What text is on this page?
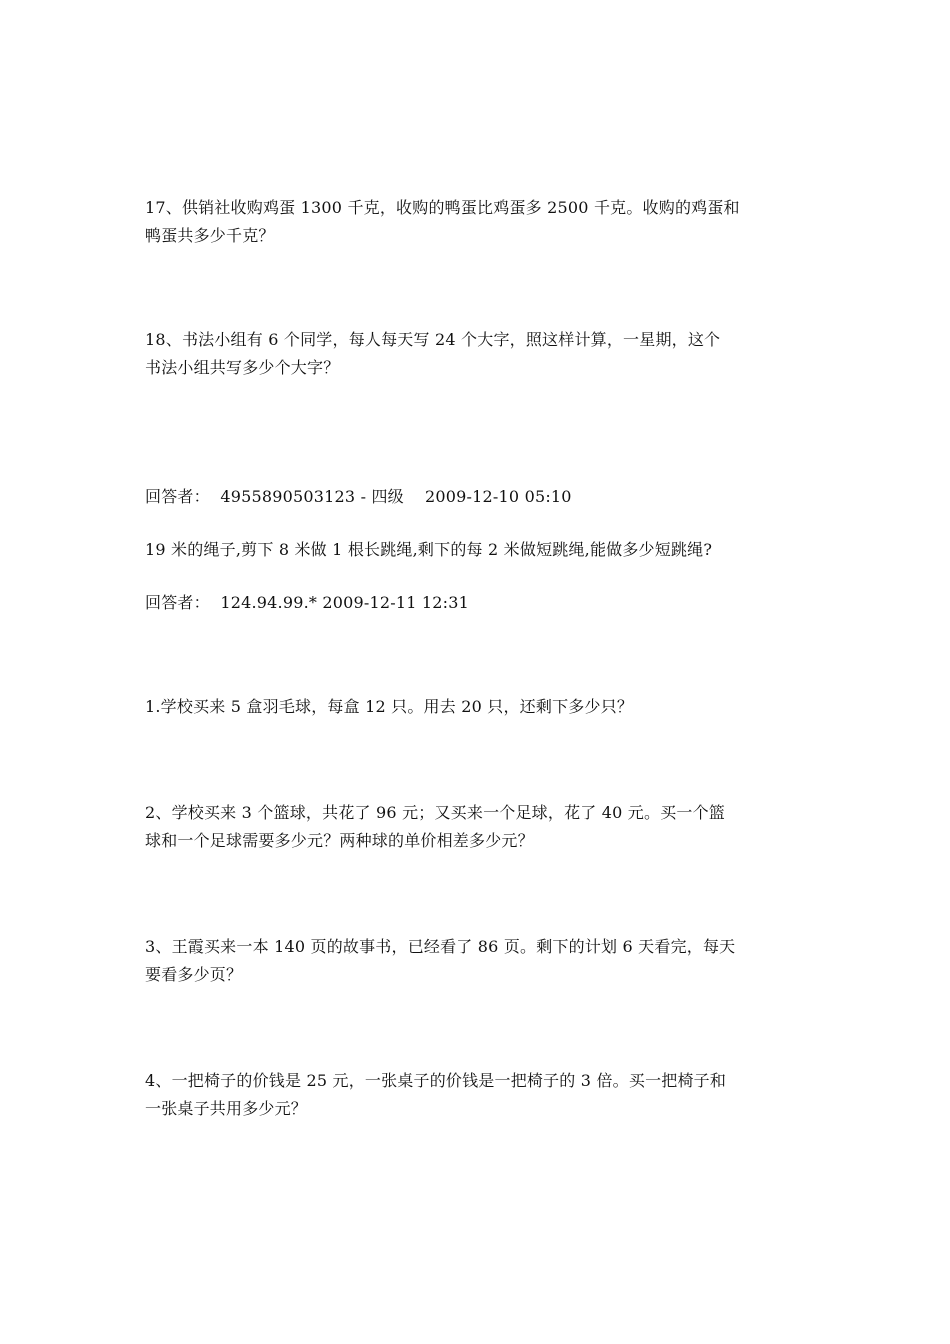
17、供销社收购鸡蛋 1300 千克，收购的鸭蛋比鸡蛋多 2500 千克。收购的鸡蛋和
鸭蛋共多少千克？
18、书法小组有 6 个同学，每人每天写 24 个大字，照这样计算，一星期，这个
书法小组共写多少个大字？
回答者：  4955890503123 - 四级    2009-12-10 05:10
19 米的绳子,剪下 8 米做 1 根长跳绳,剩下的每 2 米做短跳绳,能做多少短跳绳?
回答者：  124.94.99.* 2009-12-11 12:31
1.学校买来 5 盒羽毛球，每盒 12 只。用去 20 只，还剩下多少只？
2、学校买来 3 个篮球，共花了 96 元；又买来一个足球，花了 40 元。买一个篮
球和一个足球需要多少元？两种球的单价相差多少元？
3、王霞买来一本 140 页的故事书，已经看了 86 页。剩下的计划 6 天看完，每天
要看多少页？
4、一把椅子的价钱是 25 元，一张桌子的价钱是一把椅子的 3 倍。买一把椅子和
一张桌子共用多少元？
